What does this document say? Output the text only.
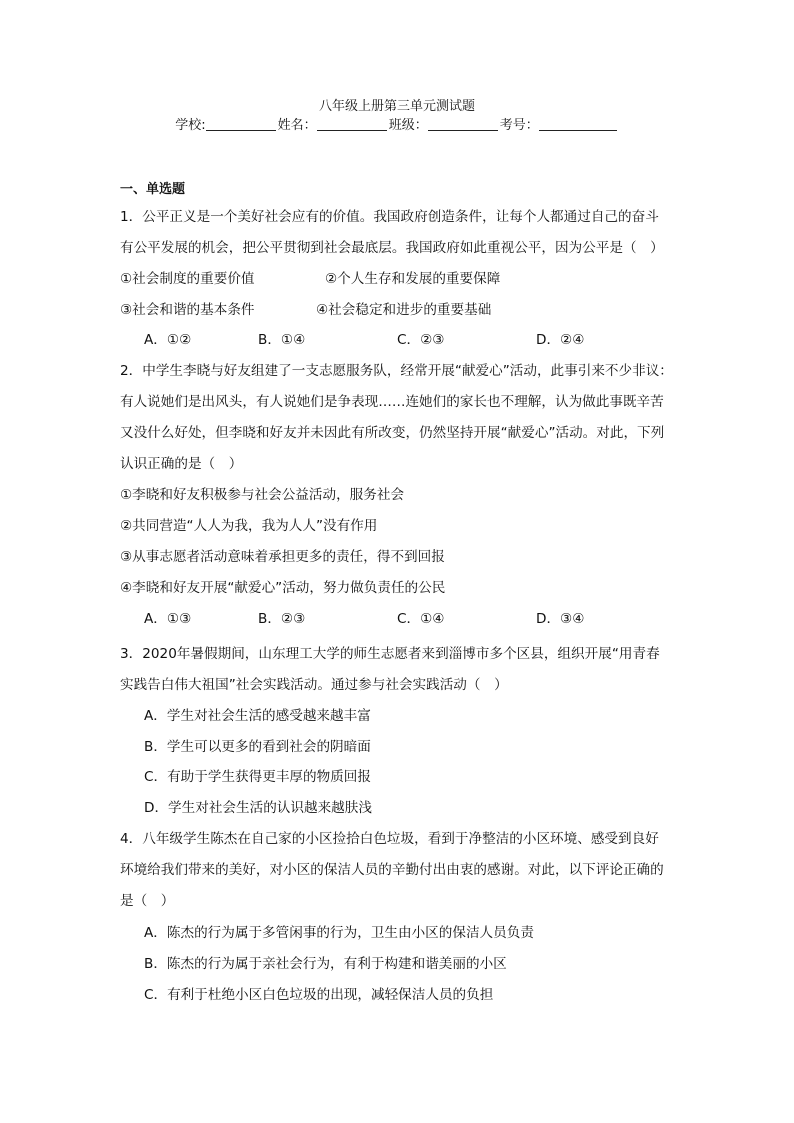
八年级上册第三单元测试题
学校:	姓名：	班级：	考号：
一、单选题
1．公平正义是一个美好社会应有的价值。我国政府创造条件，让每个人都通过自己的奋斗
有公平发展的机会，把公平贯彻到社会最底层。我国政府如此重视公平，因为公平是（　）
①社会制度的重要价值	②个人生存和发展的重要保障
③社会和谐的基本条件	④社会稳定和进步的重要基础
A．①②	B．①④	C．②③	D．②④
2．中学生李晓与好友组建了一支志愿服务队，经常开展“献爱心”活动，此事引来不少非议：
有人说她们是出风头，有人说她们是争表现……连她们的家长也不理解，认为做此事既辛苦
又没什么好处，但李晓和好友并未因此有所改变，仍然坚持开展“献爱心”活动。对此，下列
认识正确的是（　）
①李晓和好友积极参与社会公益活动，服务社会
②共同营造“人人为我，我为人人”没有作用
③从事志愿者活动意味着承担更多的责任，得不到回报
④李晓和好友开展“献爱心”活动，努力做负责任的公民
A．①③	B．②③	C．①④	D．③④
3．2020年暑假期间，山东理工大学的师生志愿者来到淄博市多个区县，组织开展“用青春
实践告白伟大祖国”社会实践活动。通过参与社会实践活动（　）
A．学生对社会生活的感受越来越丰富
B．学生可以更多的看到社会的阴暗面
C．有助于学生获得更丰厚的物质回报
D．学生对社会生活的认识越来越肤浅
4．八年级学生陈杰在自己家的小区捡拾白色垃圾，看到于净整洁的小区环境、感受到良好
环境给我们带来的美好，对小区的保洁人员的辛勤付出由衷的感谢。对此，以下评论正确的
是（　）
A．陈杰的行为属于多管闲事的行为，卫生由小区的保洁人员负责
B．陈杰的行为属于亲社会行为，有利于构建和谐美丽的小区
C．有利于杜绝小区白色垃圾的出现，减轻保洁人员的负担
